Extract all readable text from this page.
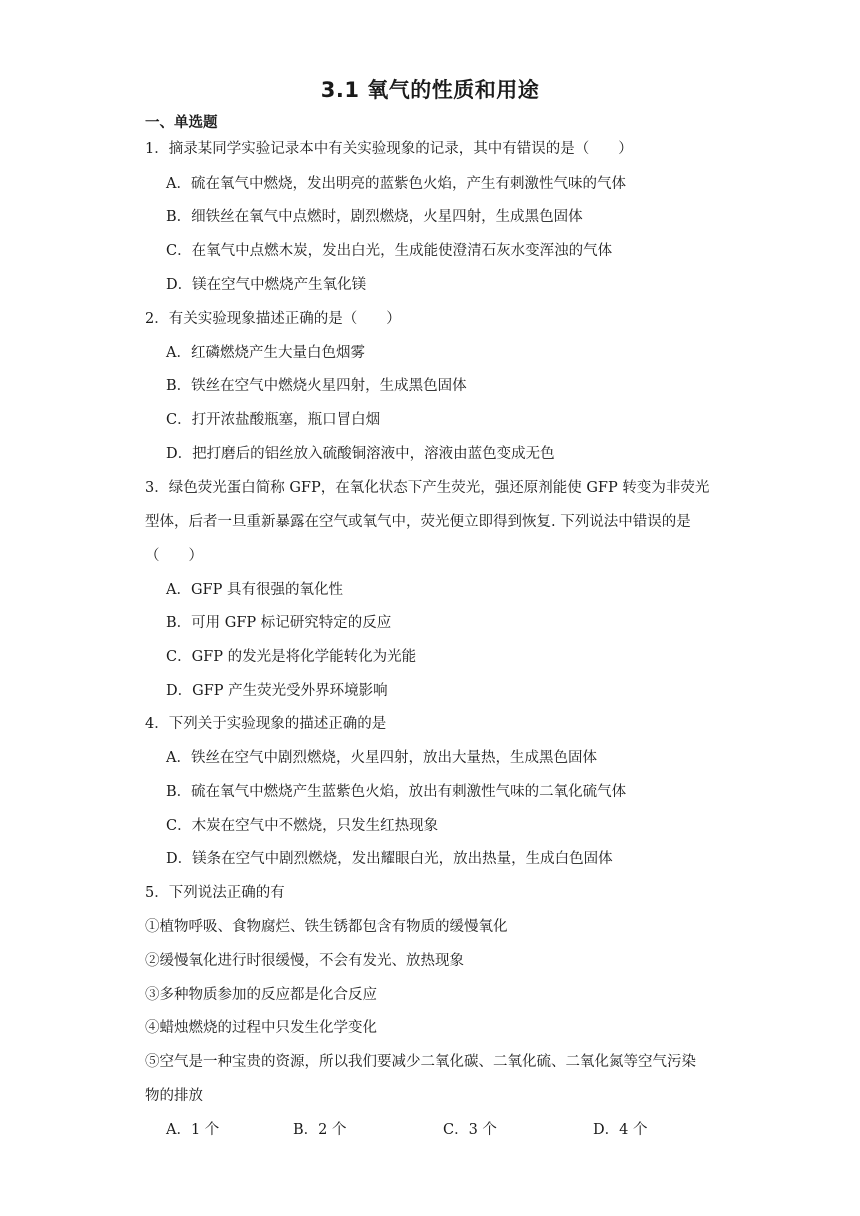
3.1 氧气的性质和用途
一、单选题
1．摘录某同学实验记录本中有关实验现象的记录，其中有错误的是（　　）
A．硫在氧气中燃烧，发出明亮的蓝紫色火焰，产生有刺激性气味的气体
B．细铁丝在氧气中点燃时，剧烈燃烧，火星四射，生成黑色固体
C．在氧气中点燃木炭，发出白光，生成能使澄清石灰水变浑浊的气体
D．镁在空气中燃烧产生氧化镁
2．有关实验现象描述正确的是（　　）
A．红磷燃烧产生大量白色烟雾
B．铁丝在空气中燃烧火星四射，生成黑色固体
C．打开浓盐酸瓶塞，瓶口冒白烟
D．把打磨后的铝丝放入硫酸铜溶液中，溶液由蓝色变成无色
3．绿色荧光蛋白简称 GFP，在氧化状态下产生荧光，强还原剂能使 GFP 转变为非荧光
型体，后者一旦重新暴露在空气或氧气中，荧光便立即得到恢复. 下列说法中错误的是
（　　）
A．GFP 具有很强的氧化性
B．可用 GFP 标记研究特定的反应
C．GFP 的发光是将化学能转化为光能
D．GFP 产生荧光受外界环境影响
4．下列关于实验现象的描述正确的是
A．铁丝在空气中剧烈燃烧，火星四射，放出大量热，生成黑色固体
B．硫在氧气中燃烧产生蓝紫色火焰，放出有刺激性气味的二氧化硫气体
C．木炭在空气中不燃烧，只发生红热现象
D．镁条在空气中剧烈燃烧，发出耀眼白光，放出热量，生成白色固体
5．下列说法正确的有
①植物呼吸、食物腐烂、铁生锈都包含有物质的缓慢氧化
②缓慢氧化进行时很缓慢，不会有发光、放热现象
③多种物质参加的反应都是化合反应
④蜡烛燃烧的过程中只发生化学变化
⑤空气是一种宝贵的资源，所以我们要减少二氧化碳、二氧化硫、二氧化氮等空气污染
物的排放
A．1 个	B．2 个	C．3 个	D．4 个
